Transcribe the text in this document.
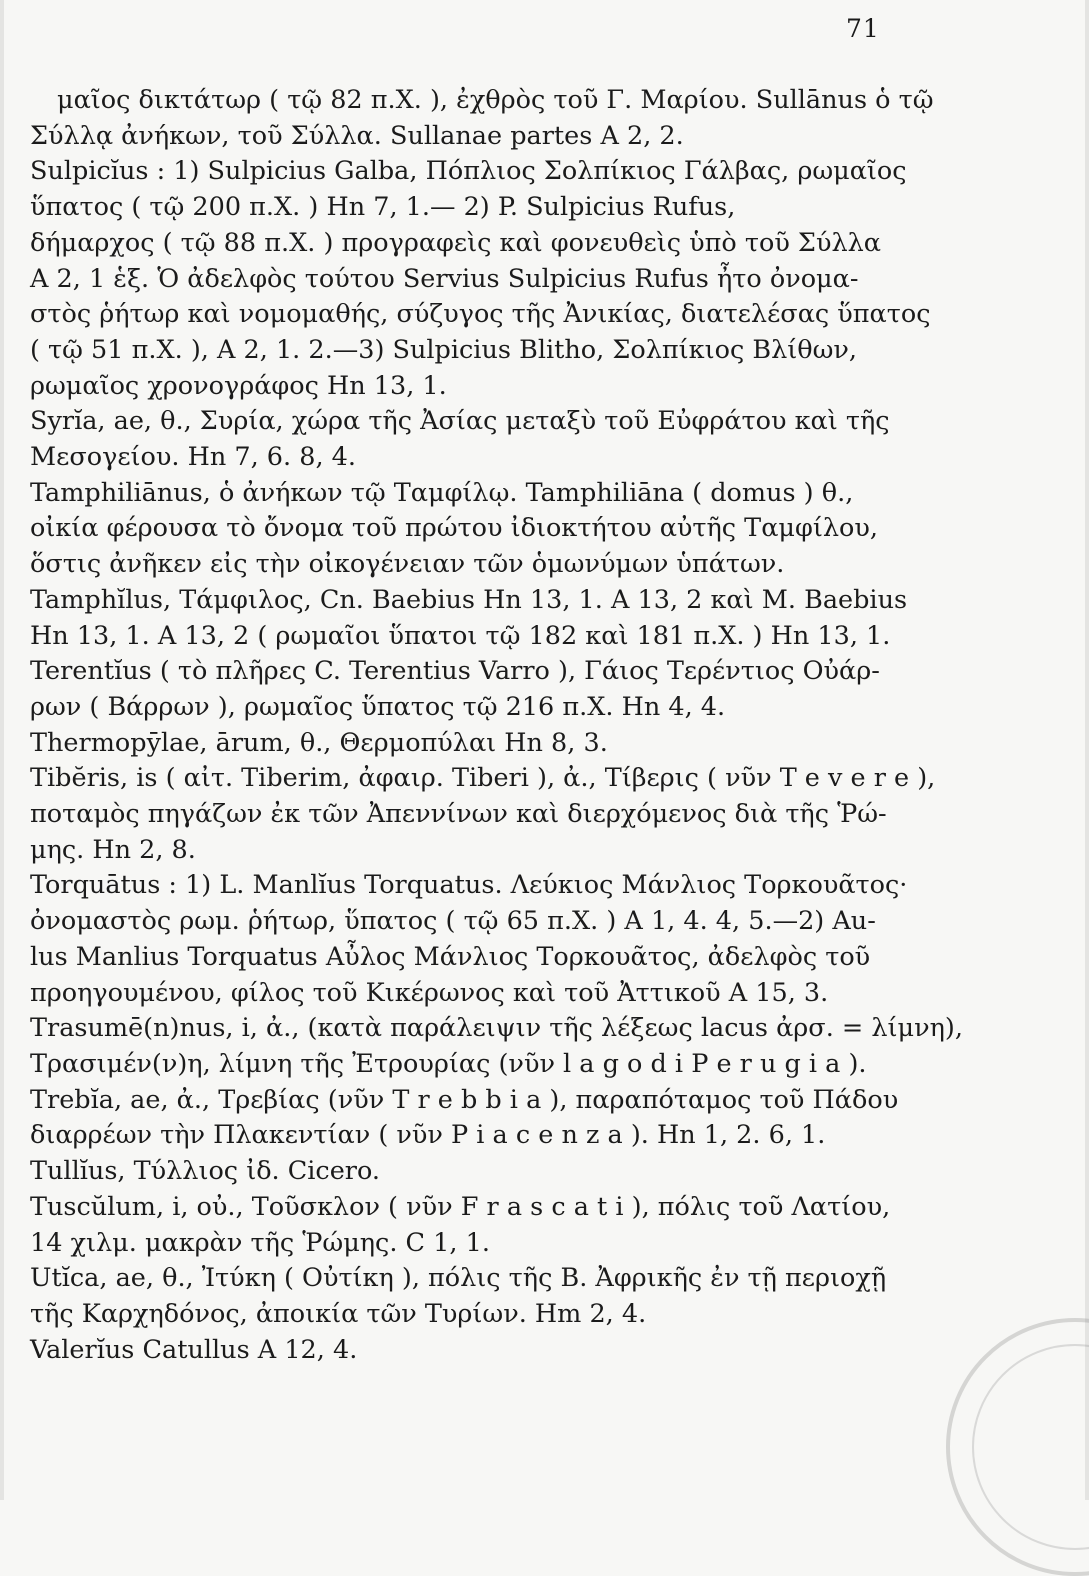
71
μαῖος δικτάτωρ ( τῷ 82 π.Χ. ), ἐχθρὸς τοῦ Γ. Μαρίου. Sullānus ὁ τῷ
Σύλλᾳ ἀνήκων, τοῦ Σύλλα. Sullanae partes A 2, 2.
Sulpicĭus : 1) Sulpicius Galba, Πόπλιος Σολπίκιος Γάλβας, ρωμαῖος
ὕπατος ( τῷ 200 π.Χ. ) Hn 7, 1.— 2) P. Sulpicius Rufus,
δήμαρχος ( τῷ 88 π.Χ. ) προγραφεὶς καὶ φονευθεὶς ὑπὸ τοῦ Σύλλα
A 2, 1 ἑξ. Ὁ ἀδελφὸς τούτου Servius Sulpicius Rufus ἦτο ὀνομα-
στὸς ῥήτωρ καὶ νομομαθής, σύζυγος τῆς Ἀνικίας, διατελέσας ὕπατος
( τῷ 51 π.Χ. ), A 2, 1. 2.—3) Sulpicius Blitho, Σολπίκιος Βλίθων,
ρωμαῖος χρονογράφος Hn 13, 1.
Syrĭa, ae, θ., Συρία, χώρα τῆς Ἀσίας μεταξὺ τοῦ Εὐφράτου καὶ τῆς
Μεσογείου. Hn 7, 6. 8, 4.
Tamphiliānus, ὁ ἀνήκων τῷ Ταμφίλῳ. Tamphiliāna ( domus ) θ.,
οἰκία φέρουσα τὸ ὄνομα τοῦ πρώτου ἰδιοκτήτου αὐτῆς Ταμφίλου,
ὅστις ἀνῆκεν εἰς τὴν οἰκογένειαν τῶν ὁμωνύμων ὑπάτων.
Tamphĭlus, Τάμφιλος, Cn. Baebius Hn 13, 1. A 13, 2 καὶ M. Baebius
Hn 13, 1. A 13, 2 ( ρωμαῖοι ὕπατοι τῷ 182 καὶ 181 π.Χ. ) Hn 13, 1.
Terentĭus ( τὸ πλῆρες C. Terentius Varro ), Γάιος Τερέντιος Οὐάρ-
ρων ( Βάρρων ), ρωμαῖος ὕπατος τῷ 216 π.Χ. Hn 4, 4.
Thermopȳlae, ārum, θ., Θερμοπύλαι Hn 8, 3.
Tibĕris, is ( αἰτ. Tiberim, ἀφαιρ. Tiberi ), ἀ., Τίβερις ( νῦν T e v e r e ),
ποταμὸς πηγάζων ἐκ τῶν Ἀπεννίνων καὶ διερχόμενος διὰ τῆς Ῥώ-
μης. Hn 2, 8.
Torquātus : 1) L. Manlĭus Torquatus. Λεύκιος Μάνλιος Τορκουᾶτος·
ὀνομαστὸς ρωμ. ῥήτωρ, ὕπατος ( τῷ 65 π.Χ. ) A 1, 4. 4, 5.—2) Au-
lus Manlius Torquatus Αὖλος Μάνλιος Τορκουᾶτος, ἀδελφὸς τοῦ
προηγουμένου, φίλος τοῦ Κικέρωνος καὶ τοῦ Ἀττικοῦ A 15, 3.
Trasumē(n)nus, i, ἀ., (κατὰ παράλειψιν τῆς λέξεως lacus ἀρσ. = λίμνη),
Τρασιμέν(ν)η, λίμνη τῆς Ἐτρουρίας (νῦν l a g o d i P e r u g i a ).
Trebĭa, ae, ἀ., Τρεβίας (νῦν T r e b b i a ), παραπόταμος τοῦ Πάδου
διαρρέων τὴν Πλακεντίαν ( νῦν P i a c e n z a ). Hn 1, 2. 6, 1.
Tullĭus, Τύλλιος ἰδ. Cicero.
Tuscŭlum, i, οὐ., Τοῦσκλον ( νῦν F r a s c a t i ), πόλις τοῦ Λατίου,
14 χιλμ. μακρὰν τῆς Ῥώμης. C 1, 1.
Utĭca, ae, θ., Ἰτύκη ( Οὐτίκη ), πόλις τῆς B. Ἀφρικῆς ἐν τῇ περιοχῇ
τῆς Καρχηδόνος, ἀποικία τῶν Τυρίων. Hm 2, 4.
Valerĭus Catullus A 12, 4.
